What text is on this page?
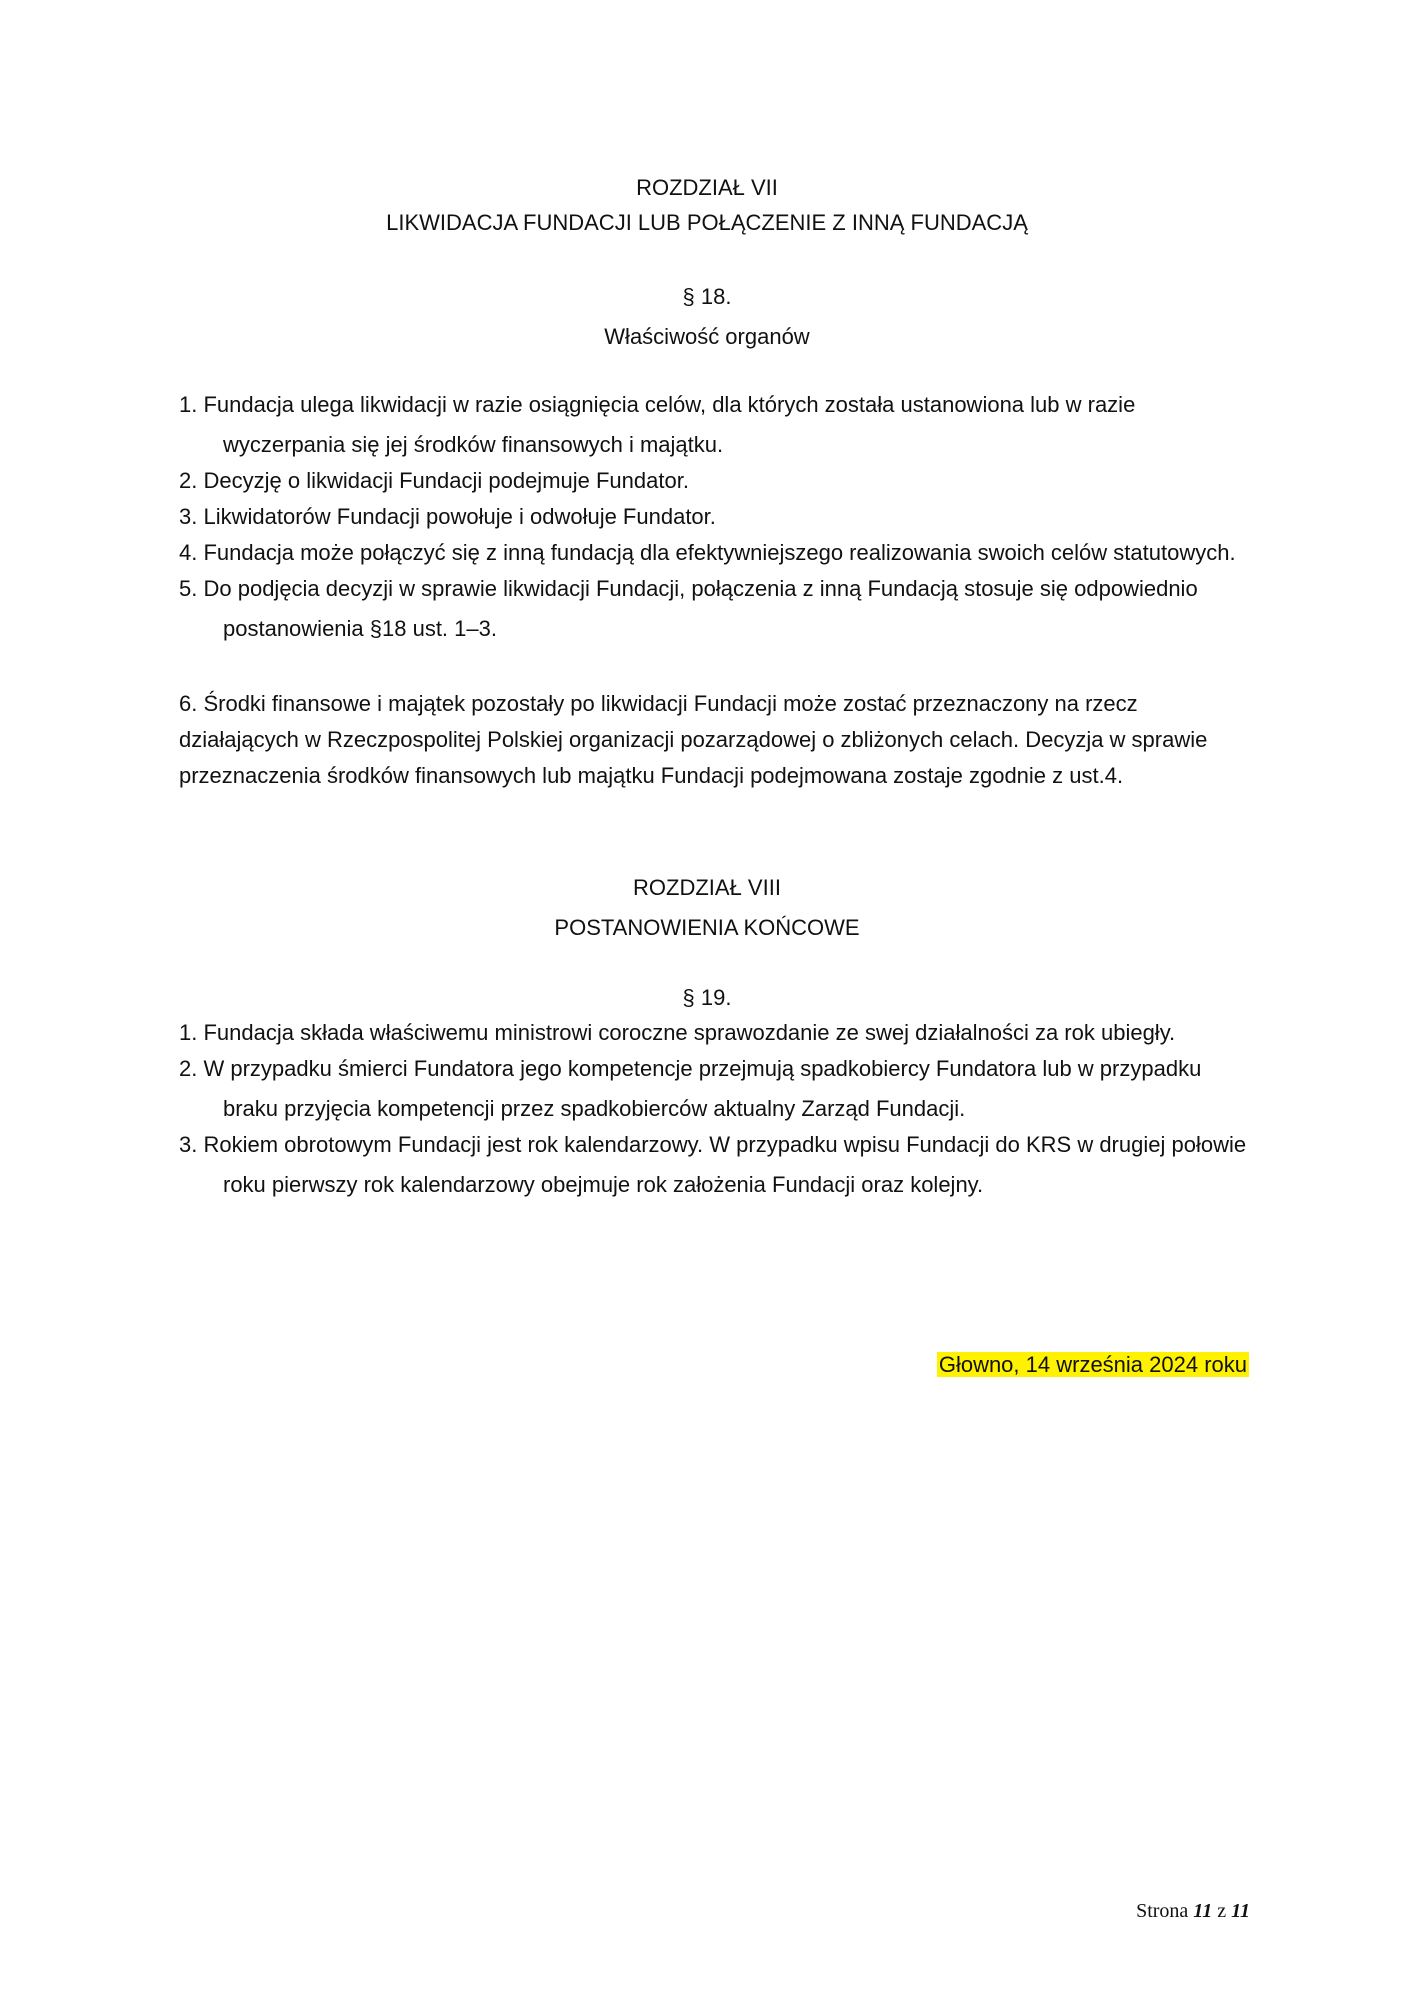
ROZDZIAŁ VII
LIKWIDACJA FUNDACJI LUB POŁĄCZENIE Z INNĄ FUNDACJĄ
§ 18.
Właściwość organów

1. Fundacja ulega likwidacji w razie osiągnięcia celów, dla których została ustanowiona lub w razie wyczerpania się jej środków finansowych i majątku.

2. Decyzję o likwidacji Fundacji podejmuje Fundator.

3. Likwidatorów Fundacji powołuje i odwołuje Fundator.

4. Fundacja może połączyć się z inną fundacją dla efektywniejszego realizowania swoich celów statutowych.

5. Do podjęcia decyzji w sprawie likwidacji Fundacji, połączenia z inną Fundacją stosuje się odpowiednio postanowienia §18 ust. 1–3.

6. Środki finansowe i majątek pozostały po likwidacji Fundacji może zostać przeznaczony na rzecz działających w Rzeczpospolitej Polskiej organizacji pozarządowej o zbliżonych celach. Decyzja w sprawie przeznaczenia środków finansowych lub majątku Fundacji podejmowana zostaje zgodnie z ust.4.

ROZDZIAŁ VIII
POSTANOWIENIA KOŃCOWE
§ 19.

1. Fundacja składa właściwemu ministrowi coroczne sprawozdanie ze swej działalności za rok ubiegły.

2. W przypadku śmierci Fundatora jego kompetencje przejmują spadkobiercy Fundatora lub w przypadku braku przyjęcia kompetencji przez spadkobierców aktualny Zarząd Fundacji.

3. Rokiem obrotowym Fundacji jest rok kalendarzowy. W przypadku wpisu Fundacji do KRS w drugiej połowie roku pierwszy rok kalendarzowy obejmuje rok założenia Fundacji oraz kolejny.

Głowno, 14 września 2024 roku
Strona 11 z 11
